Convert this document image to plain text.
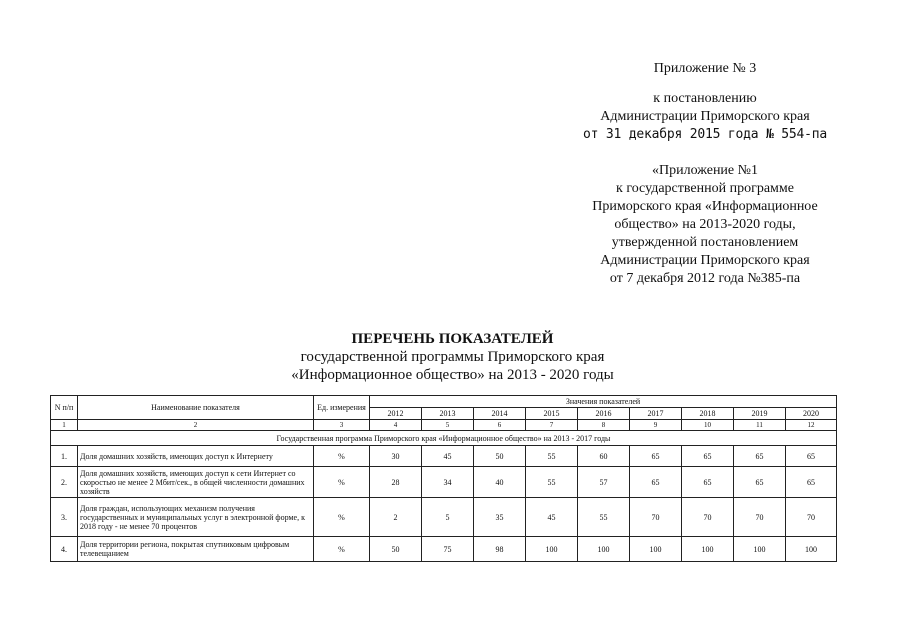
Приложение № 3
к постановлению
Администрации Приморского края
от 31 декабря 2015 года № 554-па
«Приложение №1
к государственной программе
Приморского края «Информационное
общество» на 2013-2020 годы,
утвержденной постановлением
Администрации Приморского края
от 7 декабря 2012 года №385-па
ПЕРЕЧЕНЬ ПОКАЗАТЕЛЕЙ
государственной программы Приморского края
«Информационное общество» на 2013 - 2020 годы
N п/п	Наименование показателя	Ед. измерения	Значения показателей								
			2012	2013	2014	2015	2016	2017	2018	2019	2020
1	2	3	4	5	6	7	8	9	10	11	12
Государственная программа Приморского края «Информационное общество» на 2013 - 2017 годы											
1.	Доля домашних хозяйств, имеющих доступ к Интернету	%	30	45	50	55	60	65	65	65	65
2.	Доля домашних хозяйств, имеющих доступ к сети Интернет со скоростью не менее 2 Мбит/сек., в общей численности домашних хозяйств	%	28	34	40	55	57	65	65	65	65
3.	Доля граждан, использующих механизм получения государственных и муниципальных услуг в электронной форме, к 2018 году - не менее 70 процентов	%	2	5	35	45	55	70	70	70	70
4.	Доля территории региона, покрытая спутниковым цифровым телевещанием	%	50	75	98	100	100	100	100	100	100
